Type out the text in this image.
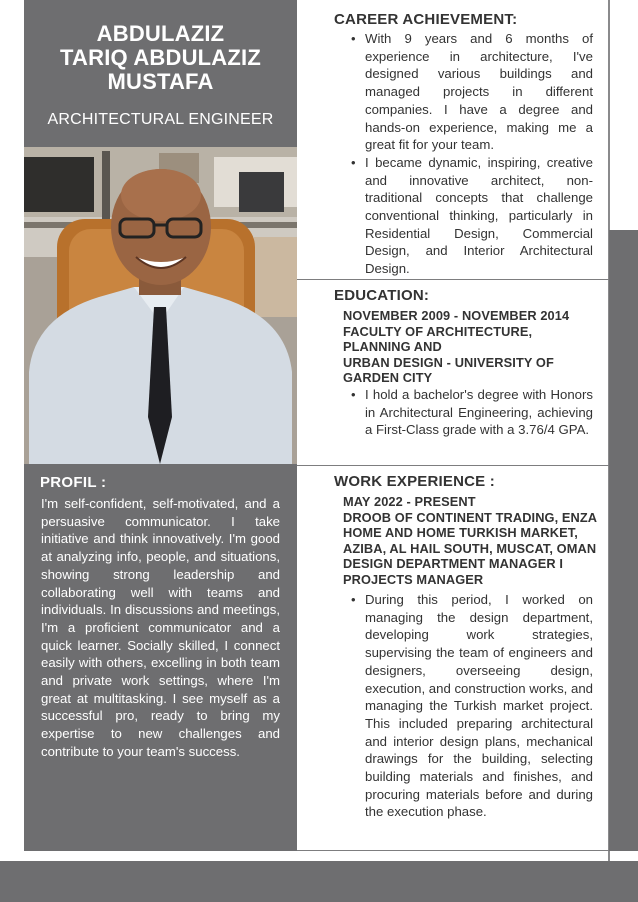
ABDULAZIZ
TARIQ ABDULAZIZ
MUSTAFA
ARCHITECTURAL ENGINEER
PROFIL :
I'm self-confident, self-motivated, and a persuasive communicator. I take initiative and think innovatively. I'm good at analyzing info, people, and situations, showing strong leadership and collaborating well with teams and individuals. In discussions and meetings, I'm a proficient communicator and a quick learner. Socially skilled, I connect easily with others, excelling in both team and private work settings, where I'm great at multitasking. I see myself as a successful pro, ready to bring my expertise to new challenges and contribute to your team's success.
CAREER ACHIEVEMENT:
• With 9 years and 6 months of experience in architecture, I've designed various buildings and managed projects in different companies. I have a degree and hands-on experience, making me a great fit for your team.
• I became dynamic, inspiring, creative and innovative architect, non-traditional concepts that challenge conventional thinking, particularly in Residential Design, Commercial Design, and Interior Architectural Design.
EDUCATION:
NOVEMBER 2009 - NOVEMBER 2014
FACULTY OF ARCHITECTURE,
PLANNING AND
URBAN DESIGN - UNIVERSITY OF
GARDEN CITY
• I hold a bachelor's degree with Honors in Architectural Engineering, achieving a First-Class grade with a 3.76/4 GPA.
WORK EXPERIENCE :
MAY 2022 - PRESENT
DROOB OF CONTINENT TRADING, ENZA
HOME AND HOME TURKISH MARKET,
AZIBA, AL HAIL SOUTH, MUSCAT, OMAN
DESIGN DEPARTMENT MANAGER I
PROJECTS MANAGER
• During this period, I worked on managing the design department, developing work strategies, supervising the team of engineers and designers, overseeing design, execution, and construction works, and managing the Turkish market project. This included preparing architectural and interior design plans, mechanical drawings for the building, selecting building materials and finishes, and procuring materials before and during the execution phase.
